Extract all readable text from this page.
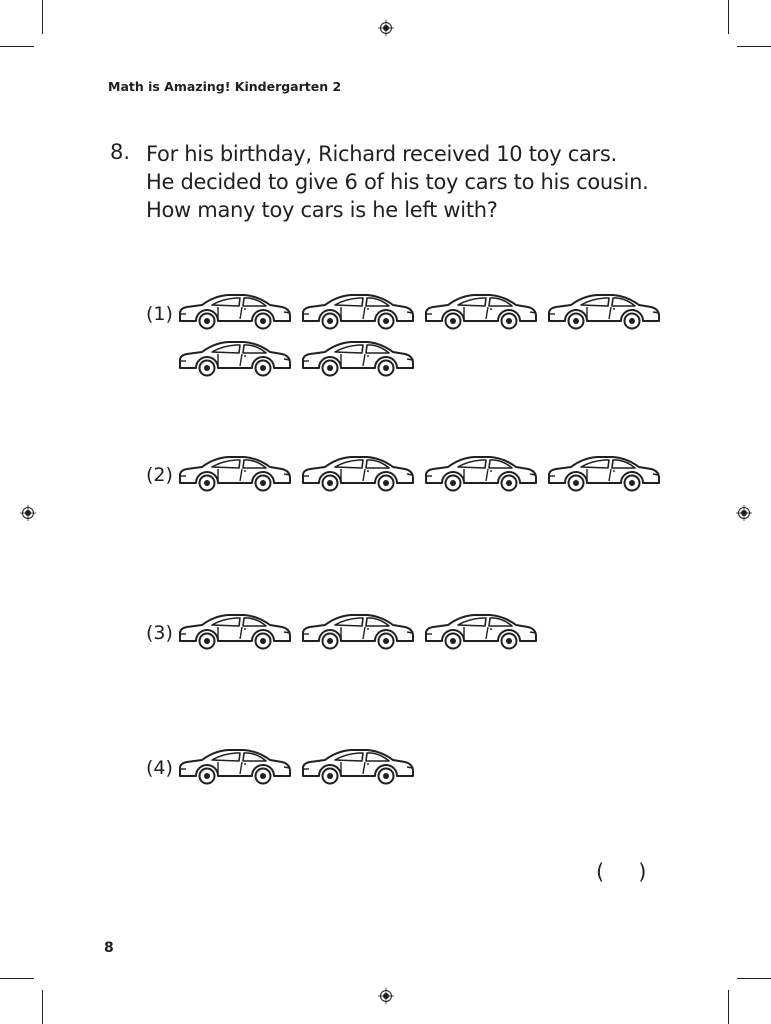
Math is Amazing! Kindergarten 2
8. For his birthday, Richard received 10 toy cars.
He decided to give 6 of his toy cars to his cousin.
How many toy cars is he left with?
(1)
(2)
(3)
(4)
( )
8
